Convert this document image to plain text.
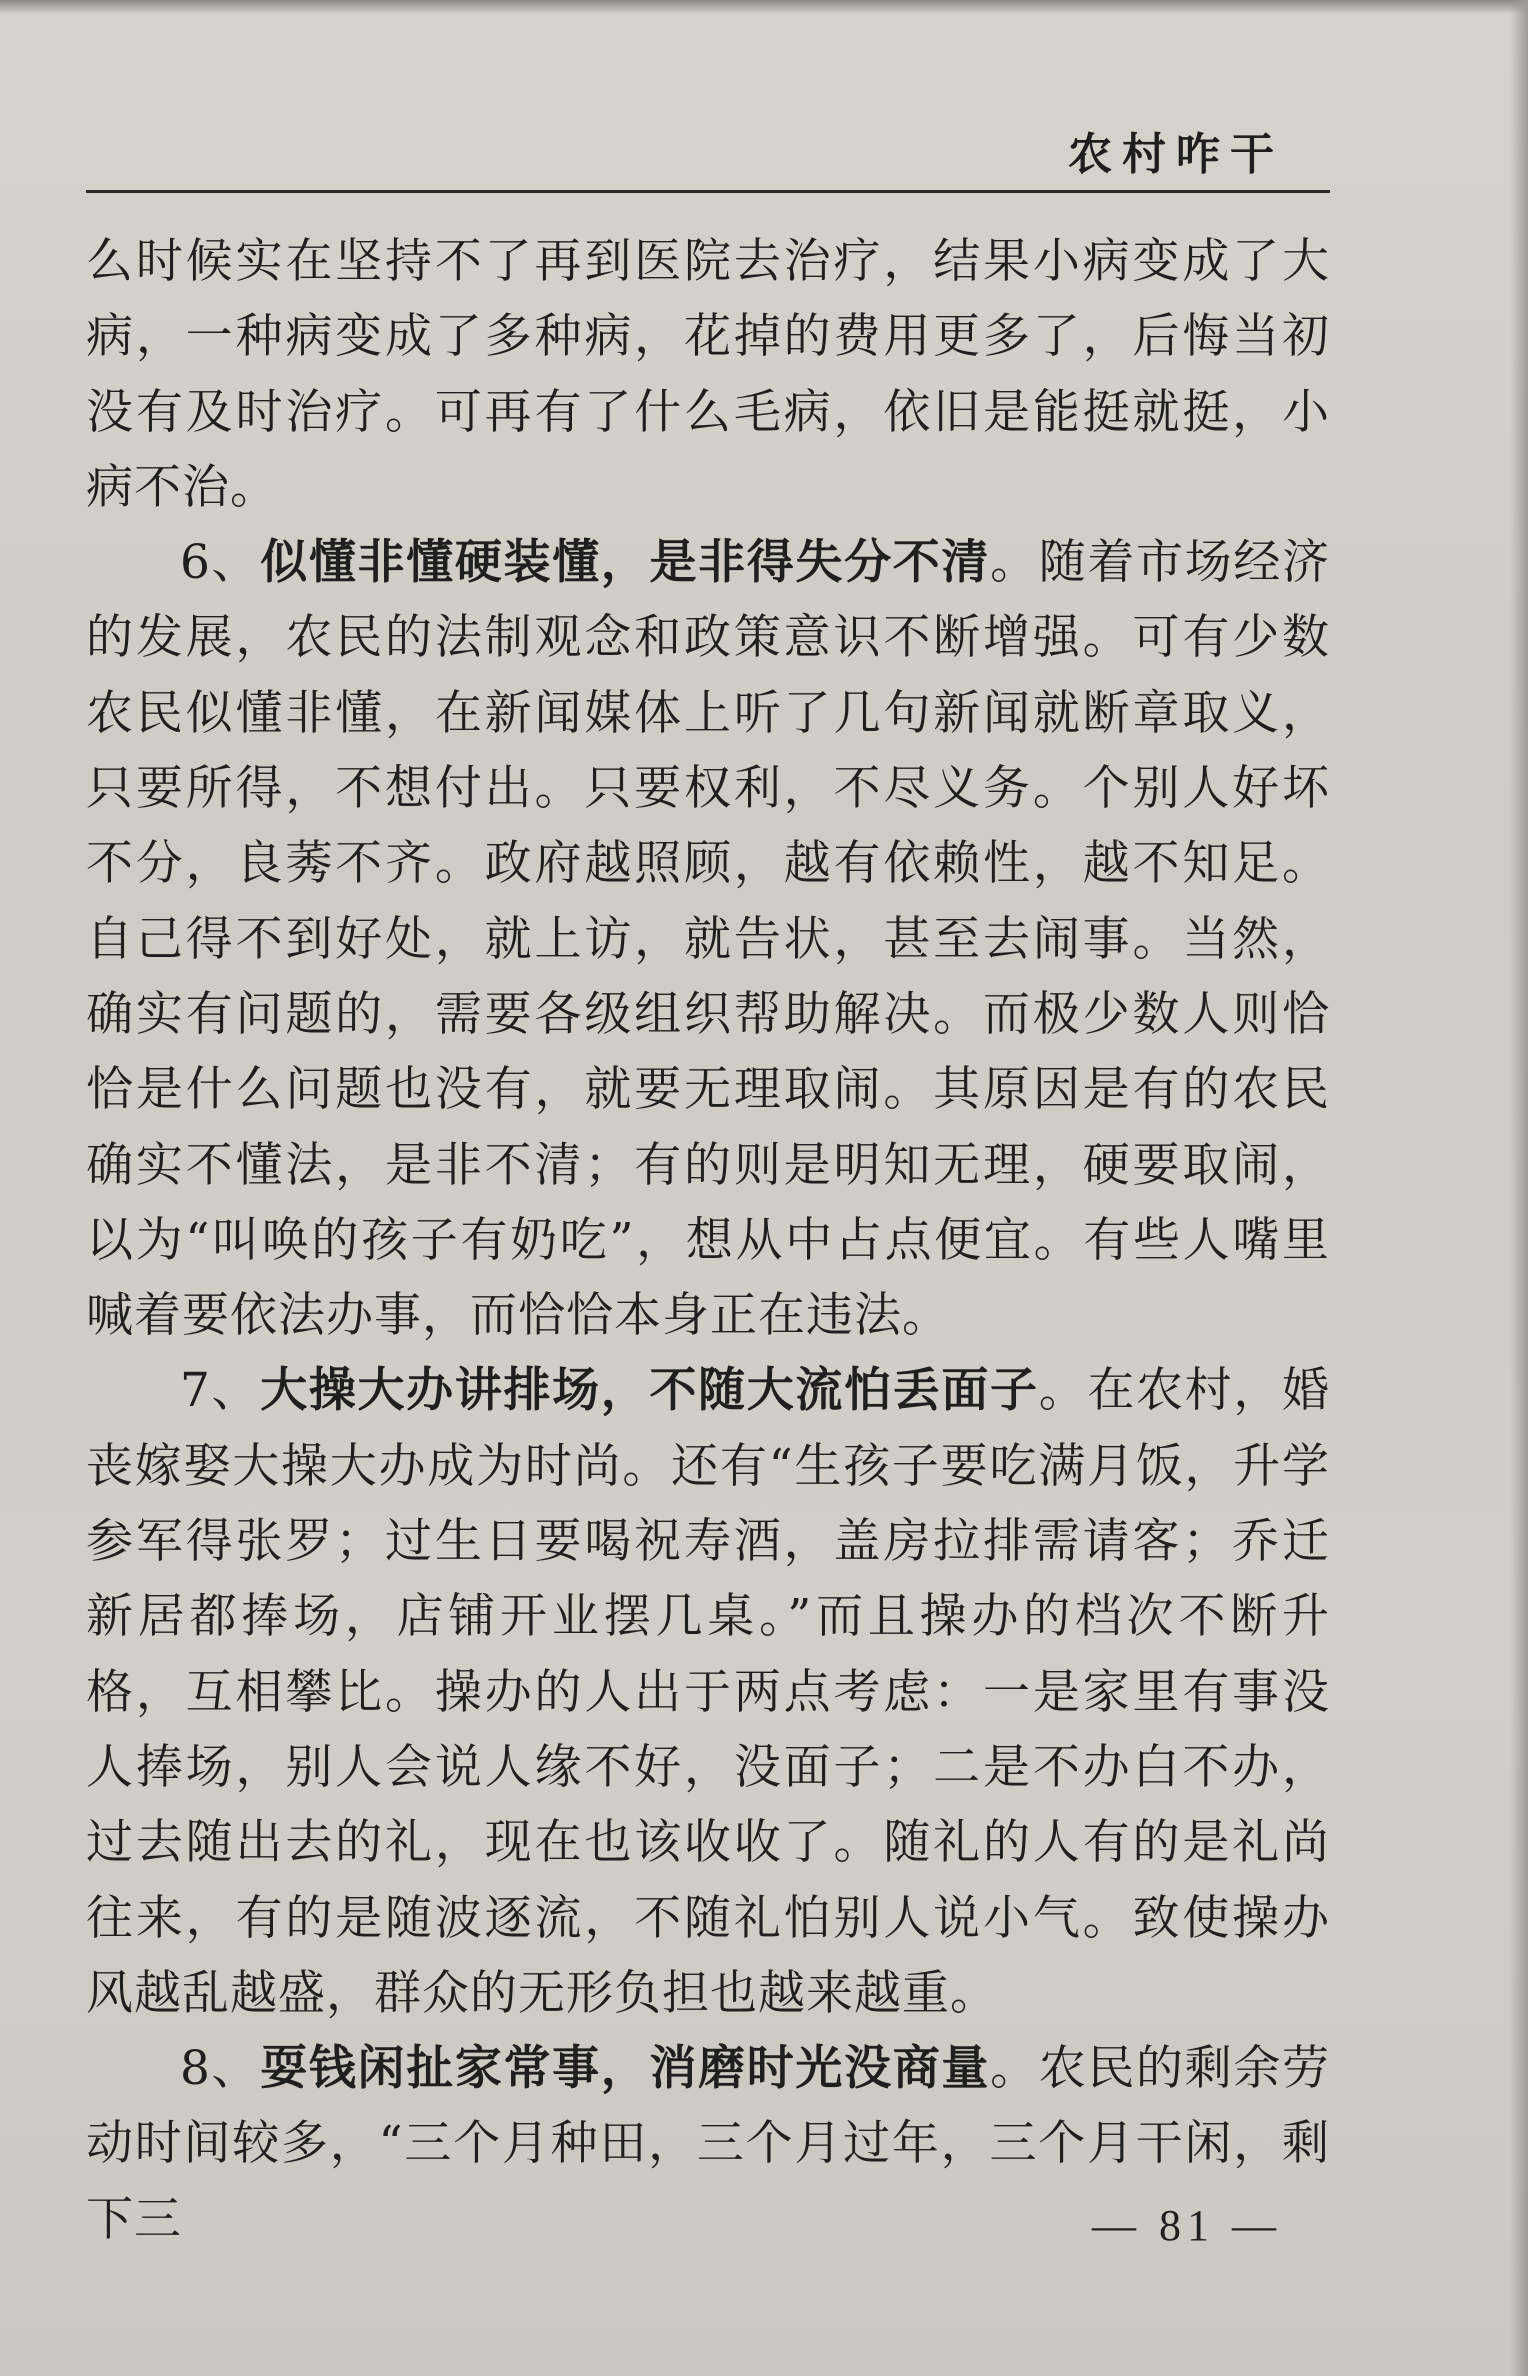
农村咋干

么时候实在坚持不了再到医院去治疗，结果小病变成了大病，一种病变成了多种病，花掉的费用更多了，后悔当初没有及时治疗。可再有了什么毛病，依旧是能挺就挺，小病不治。

6、似懂非懂硬装懂，是非得失分不清。随着市场经济的发展，农民的法制观念和政策意识不断增强。可有少数农民似懂非懂，在新闻媒体上听了几句新闻就断章取义，只要所得，不想付出。只要权利，不尽义务。个别人好坏不分，良莠不齐。政府越照顾，越有依赖性，越不知足。自己得不到好处，就上访，就告状，甚至去闹事。当然，确实有问题的，需要各级组织帮助解决。而极少数人则恰恰是什么问题也没有，就要无理取闹。其原因是有的农民确实不懂法，是非不清；有的则是明知无理，硬要取闹，以为“叫唤的孩子有奶吃”，想从中占点便宜。有些人嘴里喊着要依法办事，而恰恰本身正在违法。

7、大操大办讲排场，不随大流怕丢面子。在农村，婚丧嫁娶大操大办成为时尚。还有“生孩子要吃满月饭，升学参军得张罗；过生日要喝祝寿酒，盖房拉排需请客；乔迁新居都捧场，店铺开业摆几桌。”而且操办的档次不断升格，互相攀比。操办的人出于两点考虑：一是家里有事没人捧场，别人会说人缘不好，没面子；二是不办白不办，过去随出去的礼，现在也该收收了。随礼的人有的是礼尚往来，有的是随波逐流，不随礼怕别人说小气。致使操办风越乱越盛，群众的无形负担也越来越重。

8、耍钱闲扯家常事，消磨时光没商量。农民的剩余劳动时间较多，“三个月种田，三个月过年，三个月干闲，剩下三	— 81 —
